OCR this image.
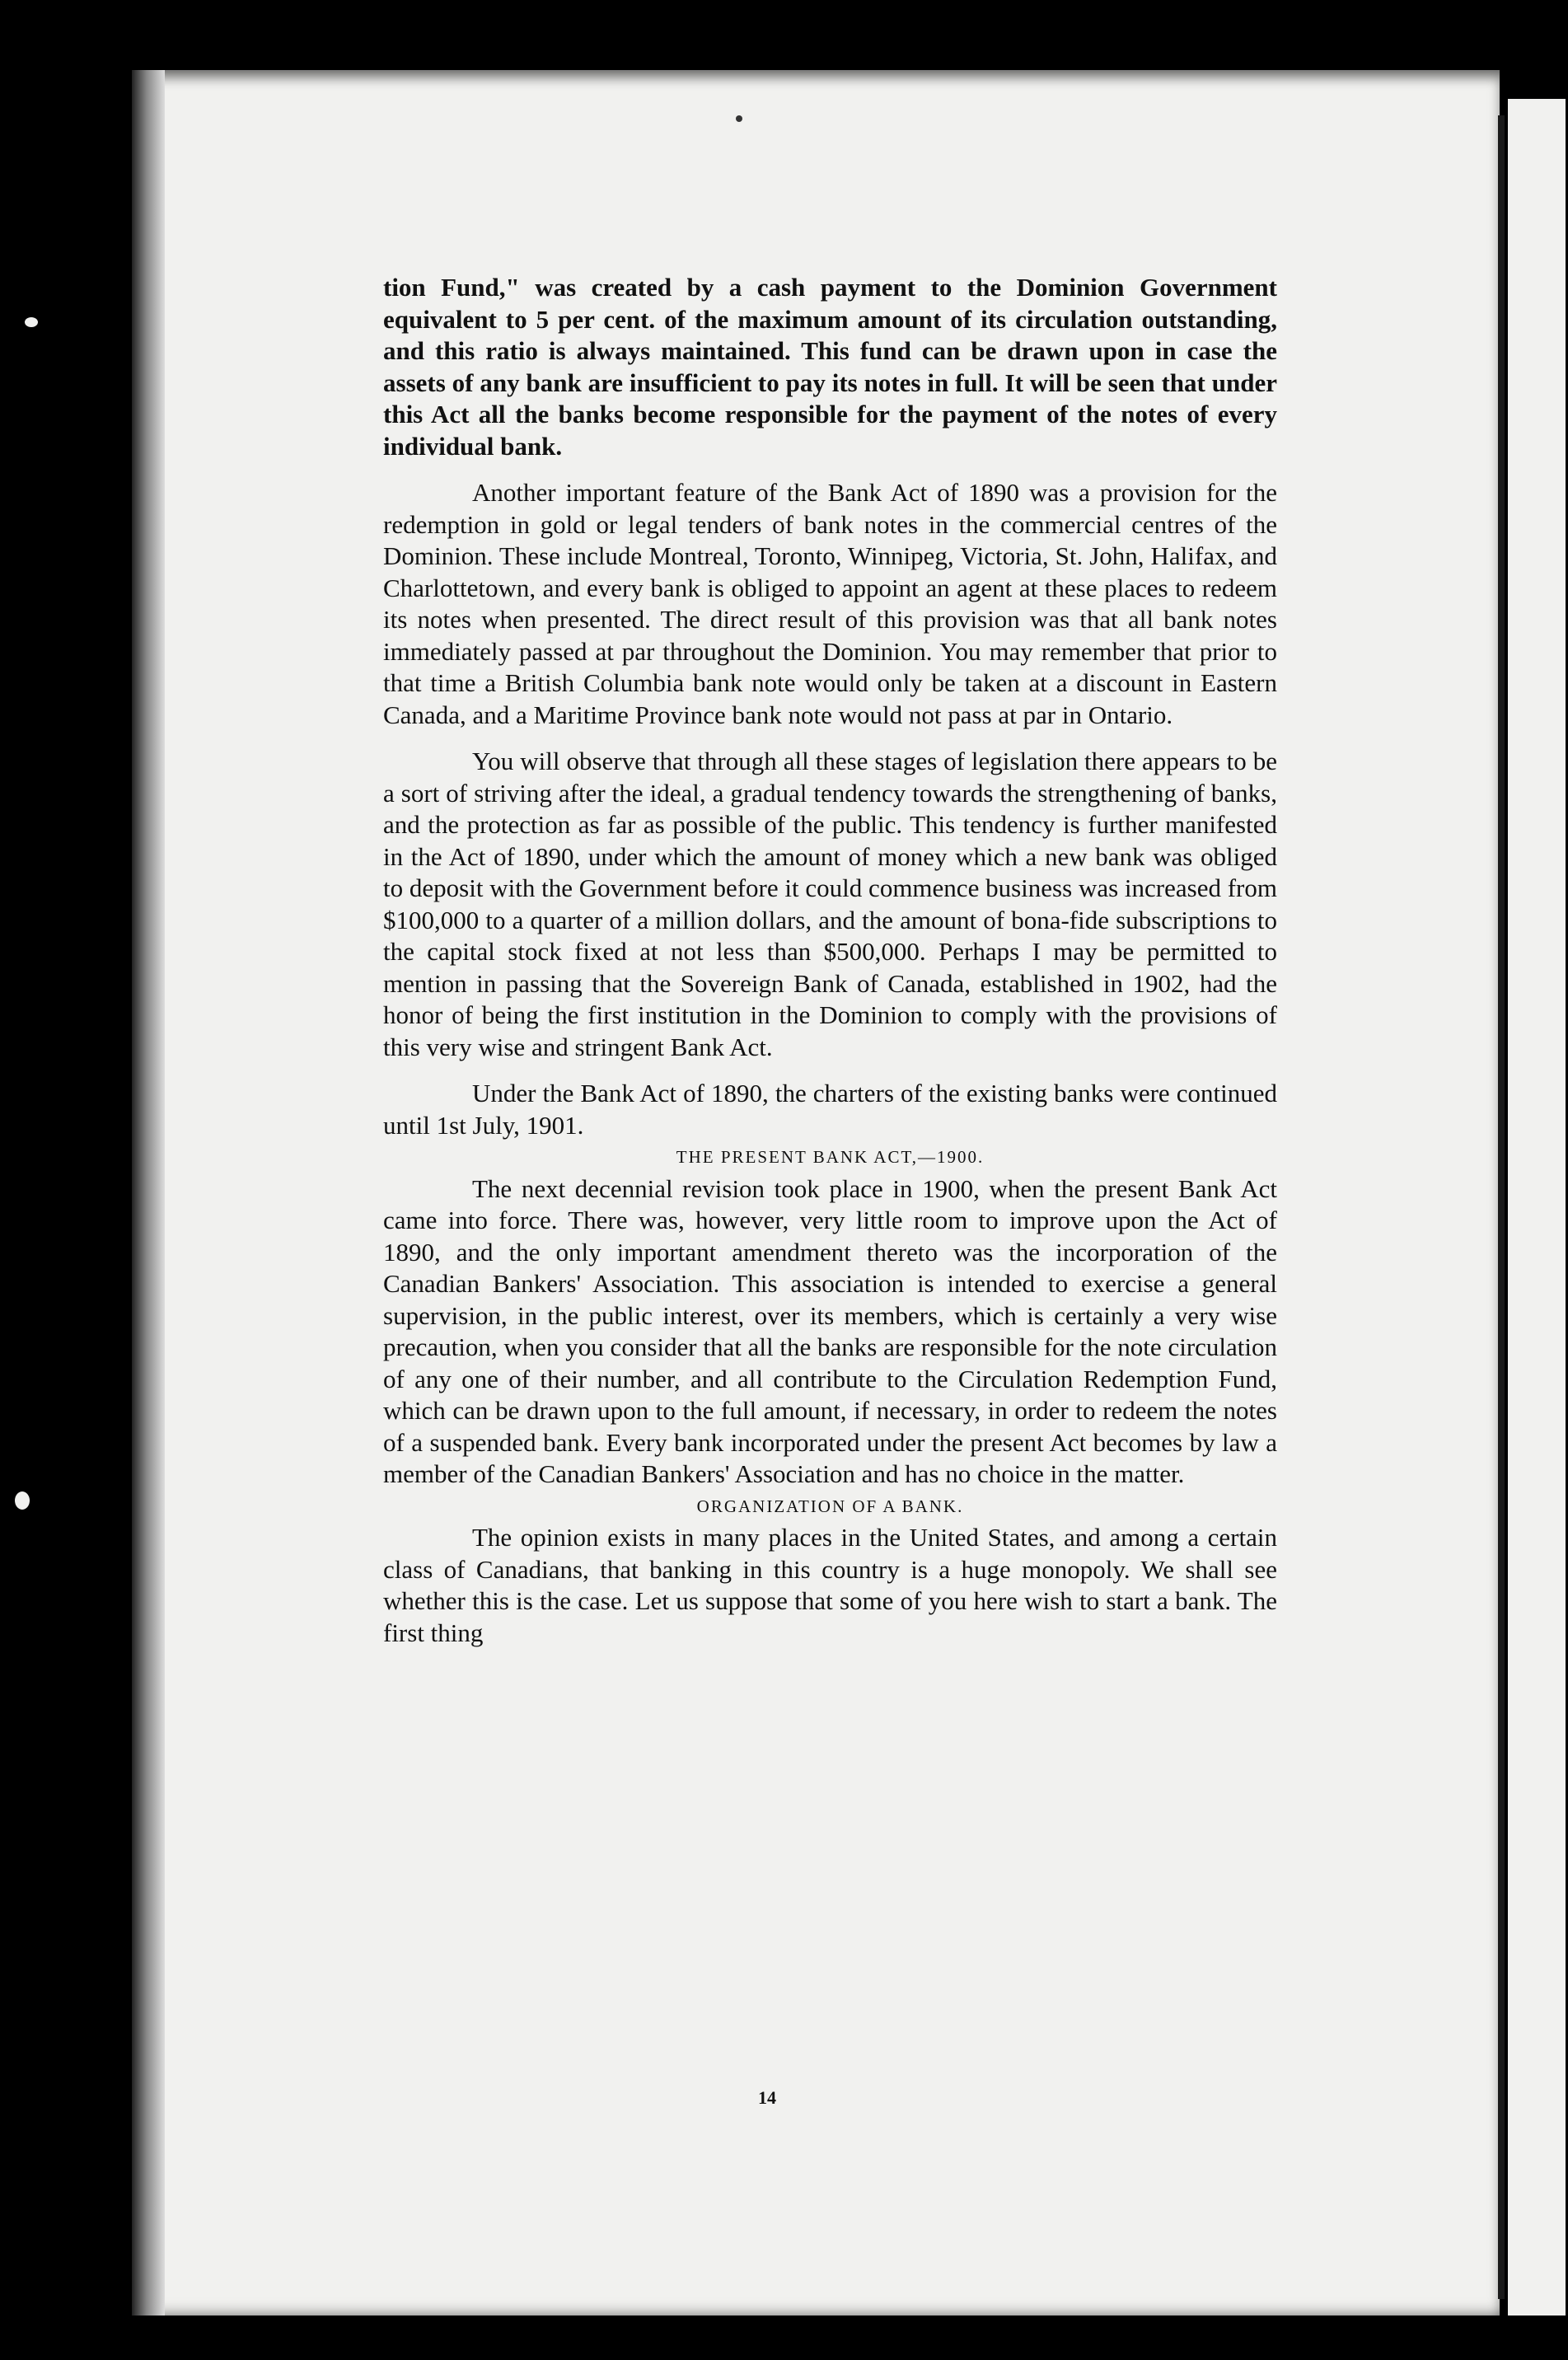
tion Fund," was created by a cash payment to the Dominion Government equivalent to 5 per cent. of the maximum amount of its circulation outstanding, and this ratio is always maintained. This fund can be drawn upon in case the assets of any bank are insufficient to pay its notes in full. It will be seen that under this Act all the banks become responsible for the payment of the notes of every individual bank.

Another important feature of the Bank Act of 1890 was a provision for the redemption in gold or legal tenders of bank notes in the commercial centres of the Dominion. These include Montreal, Toronto, Winnipeg, Victoria, St. John, Halifax, and Charlottetown, and every bank is obliged to appoint an agent at these places to redeem its notes when presented. The direct result of this provision was that all bank notes immediately passed at par throughout the Dominion. You may remember that prior to that time a British Columbia bank note would only be taken at a discount in Eastern Canada, and a Maritime Province bank note would not pass at par in Ontario.

You will observe that through all these stages of legislation there appears to be a sort of striving after the ideal, a gradual tendency towards the strengthening of banks, and the protection as far as possible of the public. This tendency is further manifested in the Act of 1890, under which the amount of money which a new bank was obliged to deposit with the Government before it could commence business was increased from $100,000 to a quarter of a million dollars, and the amount of bona-fide subscriptions to the capital stock fixed at not less than $500,000. Perhaps I may be permitted to mention in passing that the Sovereign Bank of Canada, established in 1902, had the honor of being the first institution in the Dominion to comply with the provisions of this very wise and stringent Bank Act.

Under the Bank Act of 1890, the charters of the existing banks were continued until 1st July, 1901.

THE PRESENT BANK ACT,—1900.

The next decennial revision took place in 1900, when the present Bank Act came into force. There was, however, very little room to improve upon the Act of 1890, and the only important amendment thereto was the incorporation of the Canadian Bankers' Association. This association is intended to exercise a general supervision, in the public interest, over its members, which is certainly a very wise precaution, when you consider that all the banks are responsible for the note circulation of any one of their number, and all contribute to the Circulation Redemption Fund, which can be drawn upon to the full amount, if necessary, in order to redeem the notes of a suspended bank. Every bank incorporated under the present Act becomes by law a member of the Canadian Bankers' Association and has no choice in the matter.

ORGANIZATION OF A BANK.

The opinion exists in many places in the United States, and among a certain class of Canadians, that banking in this country is a huge monopoly. We shall see whether this is the case. Let us suppose that some of you here wish to start a bank. The first thing

14
